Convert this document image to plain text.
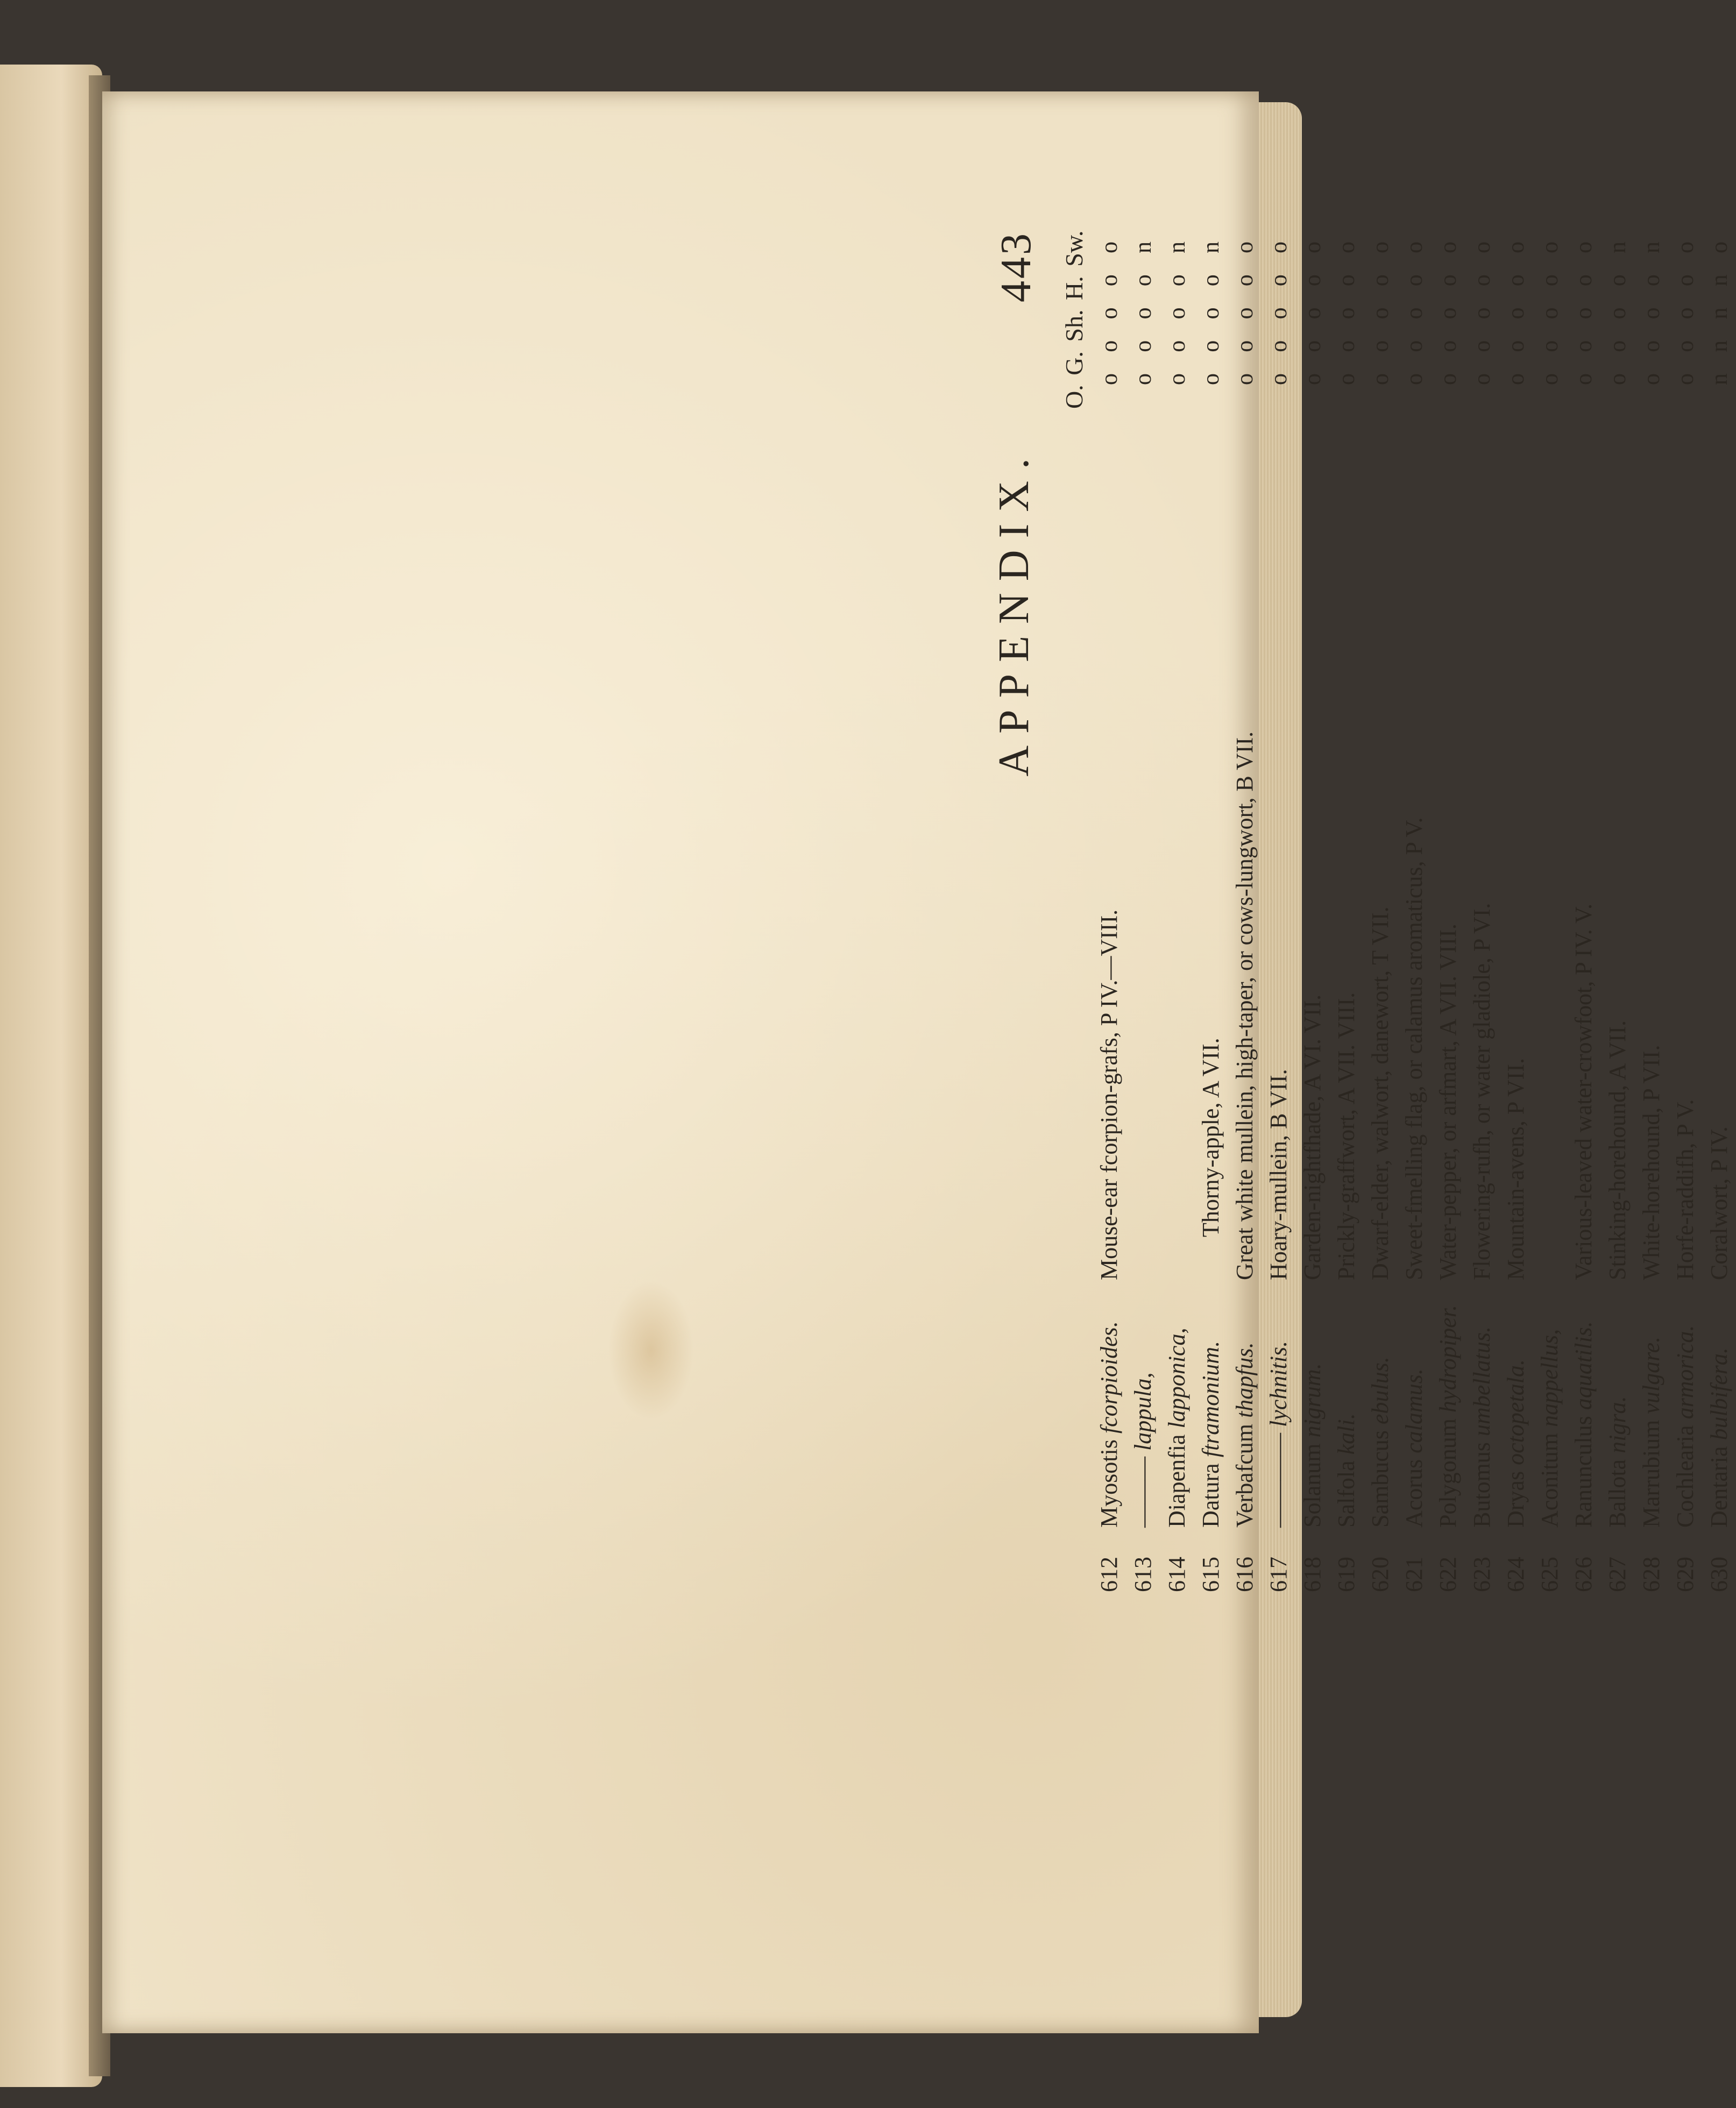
APPENDIX.
443 O. G. Sh. H. Sw.
612
Myosotis fcorpioides.
Mouse-ear fcorpion-grafs, P IV.—VIII.
o
o
o
o
o
613
——— lappula,
o
o
o
o
n
614
Diapenfia lapponica,
o
o
o
o
n
615
Datura ftramonium.
Thorny-apple, A VII.
o
o
o
o
n
616
Verbafcum thapfus.
Great white mullein, high-taper, or cows-lungwort, B VII.
o
o
o
o
o
617
———— lychnitis.
Hoary-mullein, B VII.
o
o
o
o
o
618
Solanum nigrum.
Garden-nightfhade, A VI. VII.
o
o
o
o
o
619
Salfola kali.
Prickly-graffwort, A VII. VIII.
o
o
o
o
o
620
Sambucus ebulus.
Dwarf-elder, walwort, danewort, T VII.
o
o
o
o
o
621
Acorus calamus.
Sweet-fmelling flag, or calamus aromaticus, P V.
o
o
o
o
o
622
Polygonum hydropiper.
Water-pepper, or arfmart, A VII. VIII.
o
o
o
o
o
623
Butomus umbellatus.
Flowering-rufh, or water gladiole, P VI.
o
o
o
o
o
624
Dryas octopetala.
Mountain-avens, P VII.
o
o
o
o
o
625
Aconitum nappellus,
o
o
o
o
o
626
Ranunculus aquatilis.
Various-leaved water-crowfoot, P IV. V.
o
o
o
o
o
627
Ballota nigra.
Stinking-horehound, A VII.
o
o
o
o
n
628
Marrubium vulgare.
White-horehound, P VII.
o
o
o
o
n
629
Cochlearia armorica.
Horfe-raddifh, P V.
o
o
o
o
o
630
Dentaria bulbifera.
Coralwort, P IV.
n
n
n
n
o
